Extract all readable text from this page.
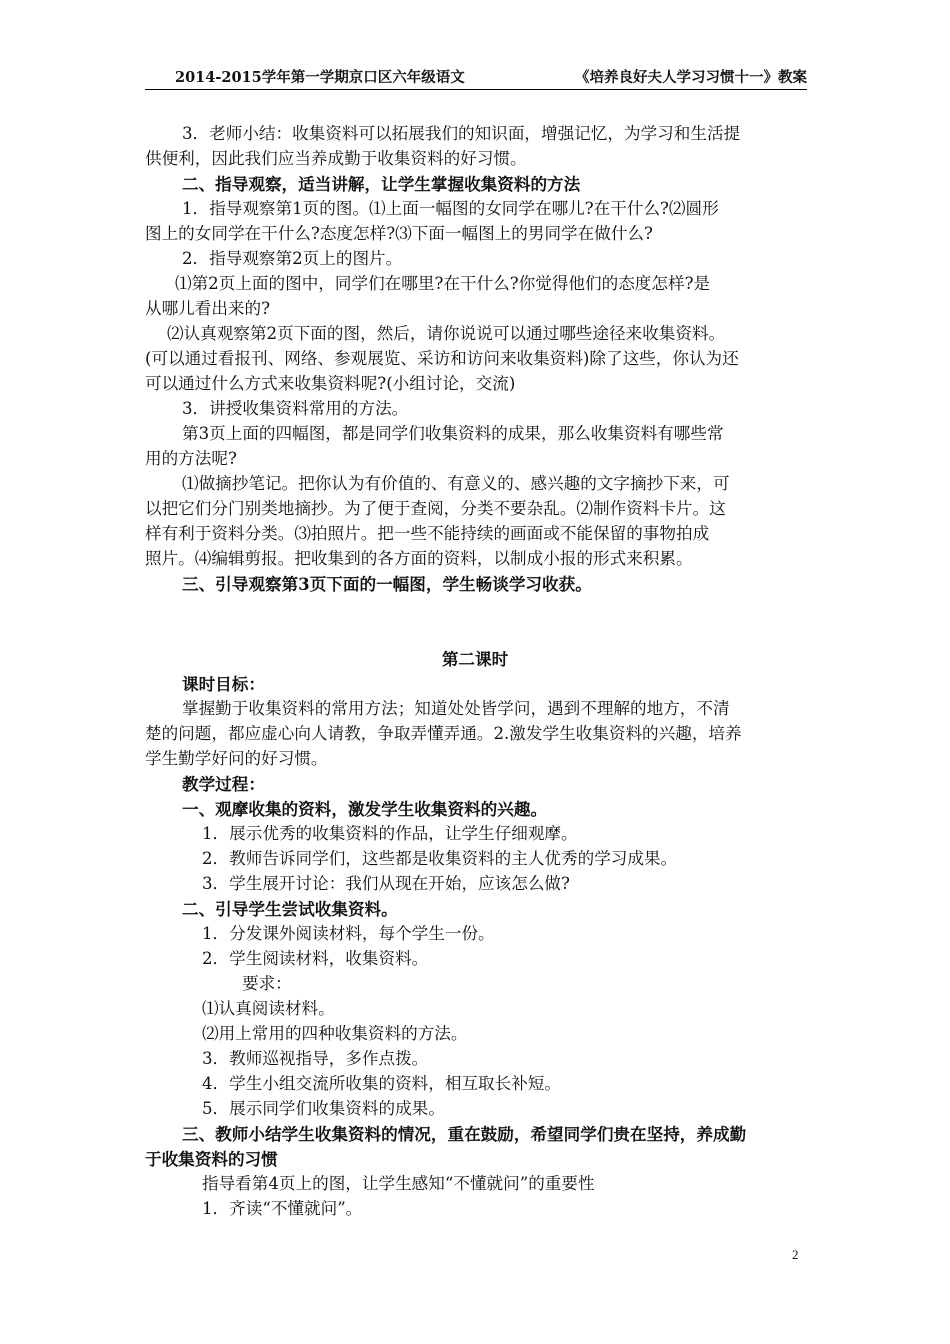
2014-2015学年第一学期京口区六年级语文	《培养良好夫人学习习惯十一》教案
3．老师小结：收集资料可以拓展我们的知识面，增强记忆，为学习和生活提
供便利，因此我们应当养成勤于收集资料的好习惯。
二、指导观察，适当讲解，让学生掌握收集资料的方法
1．指导观察第1页的图。⑴上面一幅图的女同学在哪儿?在干什么?⑵圆形
图上的女同学在干什么?态度怎样?⑶下面一幅图上的男同学在做什么?
2．指导观察第2页上的图片。
⑴第2页上面的图中，同学们在哪里?在干什么?你觉得他们的态度怎样?是
从哪儿看出来的?
⑵认真观察第2页下面的图，然后，请你说说可以通过哪些途径来收集资料。
(可以通过看报刊、网络、参观展览、采访和访问来收集资料)除了这些，你认为还
可以通过什么方式来收集资料呢?(小组讨论，交流)
3．讲授收集资料常用的方法。
第3页上面的四幅图，都是同学们收集资料的成果，那么收集资料有哪些常
用的方法呢?
⑴做摘抄笔记。把你认为有价值的、有意义的、感兴趣的文字摘抄下来，可
以把它们分门别类地摘抄。为了便于查阅，分类不要杂乱。⑵制作资料卡片。这
样有利于资料分类。⑶拍照片。把一些不能持续的画面或不能保留的事物拍成
照片。⑷编辑剪报。把收集到的各方面的资料，以制成小报的形式来积累。
三、引导观察第3页下面的一幅图，学生畅谈学习收获。
第二课时
课时目标：
掌握勤于收集资料的常用方法；知道处处皆学问，遇到不理解的地方，不清
楚的问题，都应虚心向人请教，争取弄懂弄通。2.激发学生收集资料的兴趣，培养
学生勤学好问的好习惯。
教学过程：
一、观摩收集的资料，激发学生收集资料的兴趣。
1．展示优秀的收集资料的作品，让学生仔细观摩。
2．教师告诉同学们，这些都是收集资料的主人优秀的学习成果。
3．学生展开讨论：我们从现在开始，应该怎么做?
二、引导学生尝试收集资料。
1．分发课外阅读材料，每个学生一份。
2．学生阅读材料，收集资料。
要求：
⑴认真阅读材料。
⑵用上常用的四种收集资料的方法。
3．教师巡视指导，多作点拨。
4．学生小组交流所收集的资料，相互取长补短。
5．展示同学们收集资料的成果。
三、教师小结学生收集资料的情况，重在鼓励，希望同学们贵在坚持，养成勤
于收集资料的习惯
指导看第4页上的图，让学生感知“不懂就问”的重要性
1．齐读“不懂就问”。
2
